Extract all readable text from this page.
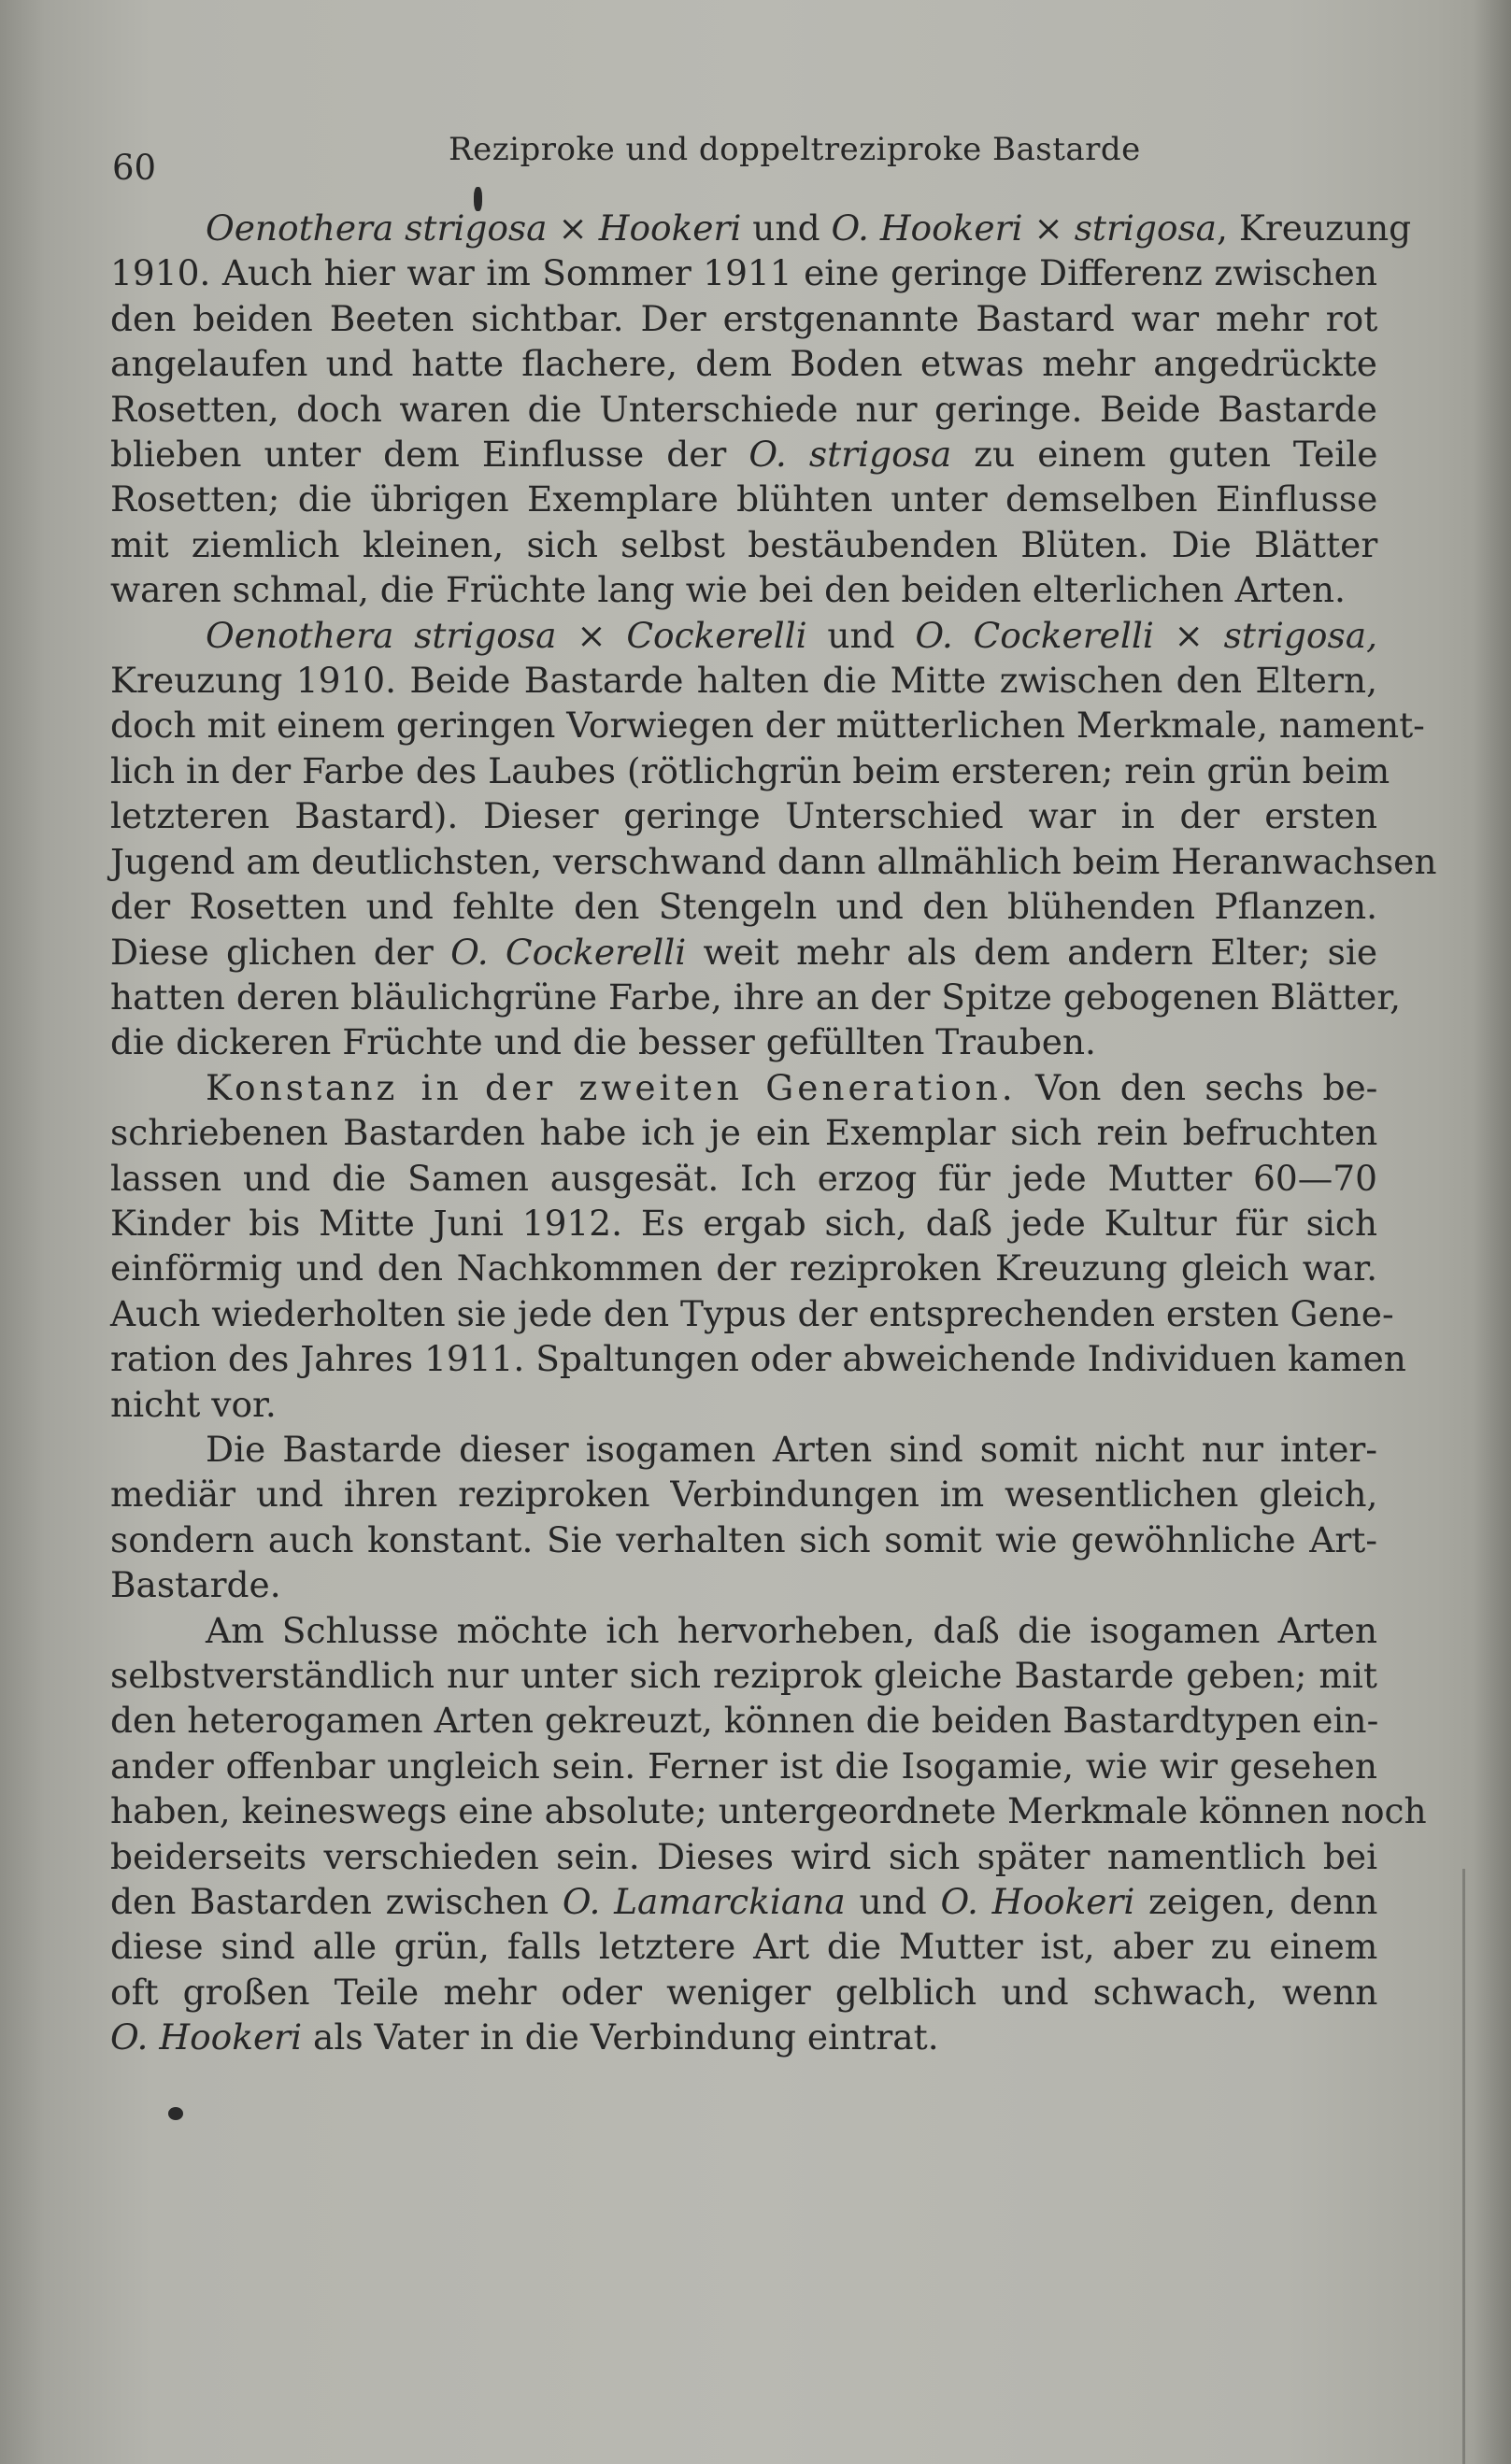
60	Reziproke und doppeltreziproke Bastarde
Oenothera strigosa × Hookeri und O. Hookeri × strigosa, Kreuzung
1910. Auch hier war im Sommer 1911 eine geringe Differenz zwischen
den beiden Beeten sichtbar. Der erstgenannte Bastard war mehr rot
angelaufen und hatte flachere, dem Boden etwas mehr angedrückte
Rosetten, doch waren die Unterschiede nur geringe. Beide Bastarde
blieben unter dem Einflusse der O. strigosa zu einem guten Teile
Rosetten; die übrigen Exemplare blühten unter demselben Einflusse
mit ziemlich kleinen, sich selbst bestäubenden Blüten. Die Blätter
waren schmal, die Früchte lang wie bei den beiden elterlichen Arten.
Oenothera strigosa × Cockerelli und O. Cockerelli × strigosa,
Kreuzung 1910. Beide Bastarde halten die Mitte zwischen den Eltern,
doch mit einem geringen Vorwiegen der mütterlichen Merkmale, nament-
lich in der Farbe des Laubes (rötlichgrün beim ersteren; rein grün beim
letzteren Bastard). Dieser geringe Unterschied war in der ersten
Jugend am deutlichsten, verschwand dann allmählich beim Heranwachsen
der Rosetten und fehlte den Stengeln und den blühenden Pflanzen.
Diese glichen der O. Cockerelli weit mehr als dem andern Elter; sie
hatten deren bläulichgrüne Farbe, ihre an der Spitze gebogenen Blätter,
die dickeren Früchte und die besser gefüllten Trauben.
Konstanz in der zweiten Generation. Von den sechs be-
schriebenen Bastarden habe ich je ein Exemplar sich rein befruchten
lassen und die Samen ausgesät. Ich erzog für jede Mutter 60—70
Kinder bis Mitte Juni 1912. Es ergab sich, daß jede Kultur für sich
einförmig und den Nachkommen der reziproken Kreuzung gleich war.
Auch wiederholten sie jede den Typus der entsprechenden ersten Gene-
ration des Jahres 1911. Spaltungen oder abweichende Individuen kamen
nicht vor.
Die Bastarde dieser isogamen Arten sind somit nicht nur inter-
mediär und ihren reziproken Verbindungen im wesentlichen gleich,
sondern auch konstant. Sie verhalten sich somit wie gewöhnliche Art-
Bastarde.
Am Schlusse möchte ich hervorheben, daß die isogamen Arten
selbstverständlich nur unter sich reziprok gleiche Bastarde geben; mit
den heterogamen Arten gekreuzt, können die beiden Bastardtypen ein-
ander offenbar ungleich sein. Ferner ist die Isogamie, wie wir gesehen
haben, keineswegs eine absolute; untergeordnete Merkmale können noch
beiderseits verschieden sein. Dieses wird sich später namentlich bei
den Bastarden zwischen O. Lamarckiana und O. Hookeri zeigen, denn
diese sind alle grün, falls letztere Art die Mutter ist, aber zu einem
oft großen Teile mehr oder weniger gelblich und schwach, wenn
O. Hookeri als Vater in die Verbindung eintrat.
